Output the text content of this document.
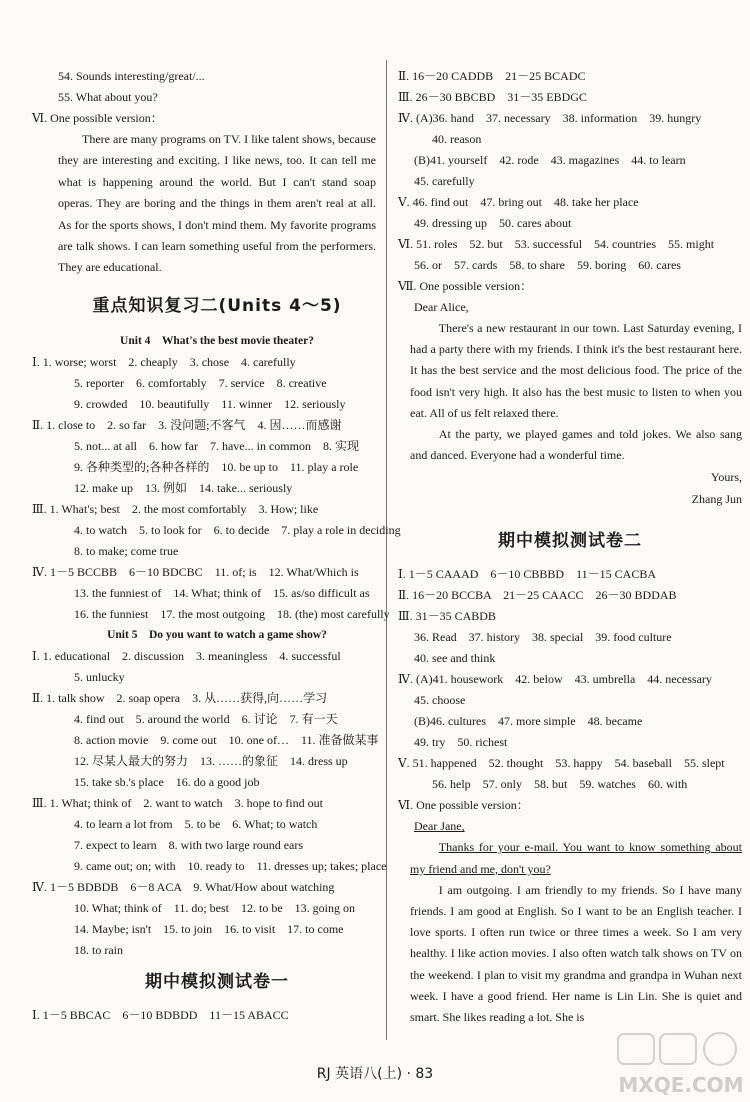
54. Sounds interesting/great/...
55. What about you?
Ⅵ. One possible version：

There are many programs on TV. I like talent shows, because they are interesting and exciting. I like news, too. It can tell me what is happening around the world. But I can't stand soap operas. They are boring and the things in them aren't real at all. As for the sports shows, I don't mind them. My favorite programs are talk shows. I can learn something useful from the performers. They are educational.

重点知识复习二(Units 4～5)
Unit 4　What's the best movie theater?
Ⅰ. 1. worse; worst　2. cheaply　3. chose　4. carefully
5. reporter　6. comfortably　7. service　8. creative
9. crowded　10. beautifully　11. winner　12. seriously
Ⅱ. 1. close to　2. so far　3. 没问题;不客气　4. 因……而感谢
5. not... at all　6. how far　7. have... in common　8. 实现
9. 各种类型的;各种各样的　10. be up to　11. play a role
12. make up　13. 例如　14. take... seriously
Ⅲ. 1. What's; best　2. the most comfortably　3. How; like
4. to watch　5. to look for　6. to decide　7. play a role in deciding
8. to make; come true
Ⅳ. 1－5 BCCBB　6－10 BDCBC　11. of; is　12. What/Which is
13. the funniest of　14. What; think of　15. as/so difficult as
16. the funniest　17. the most outgoing　18. (the) most carefully
Unit 5　Do you want to watch a game show?
Ⅰ. 1. educational　2. discussion　3. meaningless　4. successful
5. unlucky
Ⅱ. 1. talk show　2. soap opera　3. 从……获得,向……学习
4. find out　5. around the world　6. 讨论　7. 有一天
8. action movie　9. come out　10. one of…　11. 准备做某事
12. 尽某人最大的努力　13. ……的象征　14. dress up
15. take sb.'s place　16. do a good job
Ⅲ. 1. What; think of　2. want to watch　3. hope to find out
4. to learn a lot from　5. to be　6. What; to watch
7. expect to learn　8. with two large round ears
9. came out; on; with　10. ready to　11. dresses up; takes; place
Ⅳ. 1－5 BDBDB　6－8 ACA　9. What/How about watching
10. What; think of　11. do; best　12. to be　13. going on
14. Maybe; isn't　15. to join　16. to visit　17. to come
18. to rain
期中模拟测试卷一
Ⅰ. 1－5 BBCAC　6－10 BDBDD　11－15 ABACC
Ⅱ. 16－20 CADDB　21－25 BCADC
Ⅲ. 26－30 BBCBD　31－35 EBDGC
Ⅳ. (A)36. hand　37. necessary　38. information　39. hungry
40. reason
(B)41. yourself　42. rode　43. magazines　44. to learn
45. carefully
Ⅴ. 46. find out　47. bring out　48. take her place
49. dressing up　50. cares about
Ⅵ. 51. roles　52. but　53. successful　54. countries　55. might
56. or　57. cards　58. to share　59. boring　60. cares
Ⅶ. One possible version：
Dear Alice,

There's a new restaurant in our town. Last Saturday evening, I had a party there with my friends. I think it's the best restaurant here. It has the best service and the most delicious food. The price of the food isn't very high. It also has the best music to listen to when you eat. All of us felt relaxed there.

At the party, we played games and told jokes. We also sang and danced. Everyone had a wonderful time.

Yours,
Zhang Jun
期中模拟测试卷二
Ⅰ. 1－5 CAAAD　6－10 CBBBD　11－15 CACBA
Ⅱ. 16－20 BCCBA　21－25 CAACC　26－30 BDDAB
Ⅲ. 31－35 CABDB
36. Read　37. history　38. special　39. food culture
40. see and think
Ⅳ. (A)41. housework　42. below　43. umbrella　44. necessary
45. choose
(B)46. cultures　47. more simple　48. became
49. try　50. richest
Ⅴ. 51. happened　52. thought　53. happy　54. baseball　55. slept
56. help　57. only　58. but　59. watches　60. with
Ⅵ. One possible version：
Dear Jane,

Thanks for your e-mail. You want to know something about my friend and me, don't you?

I am outgoing. I am friendly to my friends. So I have many friends. I am good at English. So I want to be an English teacher. I love sports. I often run twice or three times a week. So I am very healthy. I like action movies. I also often watch talk shows on TV on the weekend. I plan to visit my grandma and grandpa in Wuhan next week. I have a good friend. Her name is Lin Lin. She is quiet and smart. She likes reading a lot. She is

RJ 英语八(上) · 83	MXQE.COM
